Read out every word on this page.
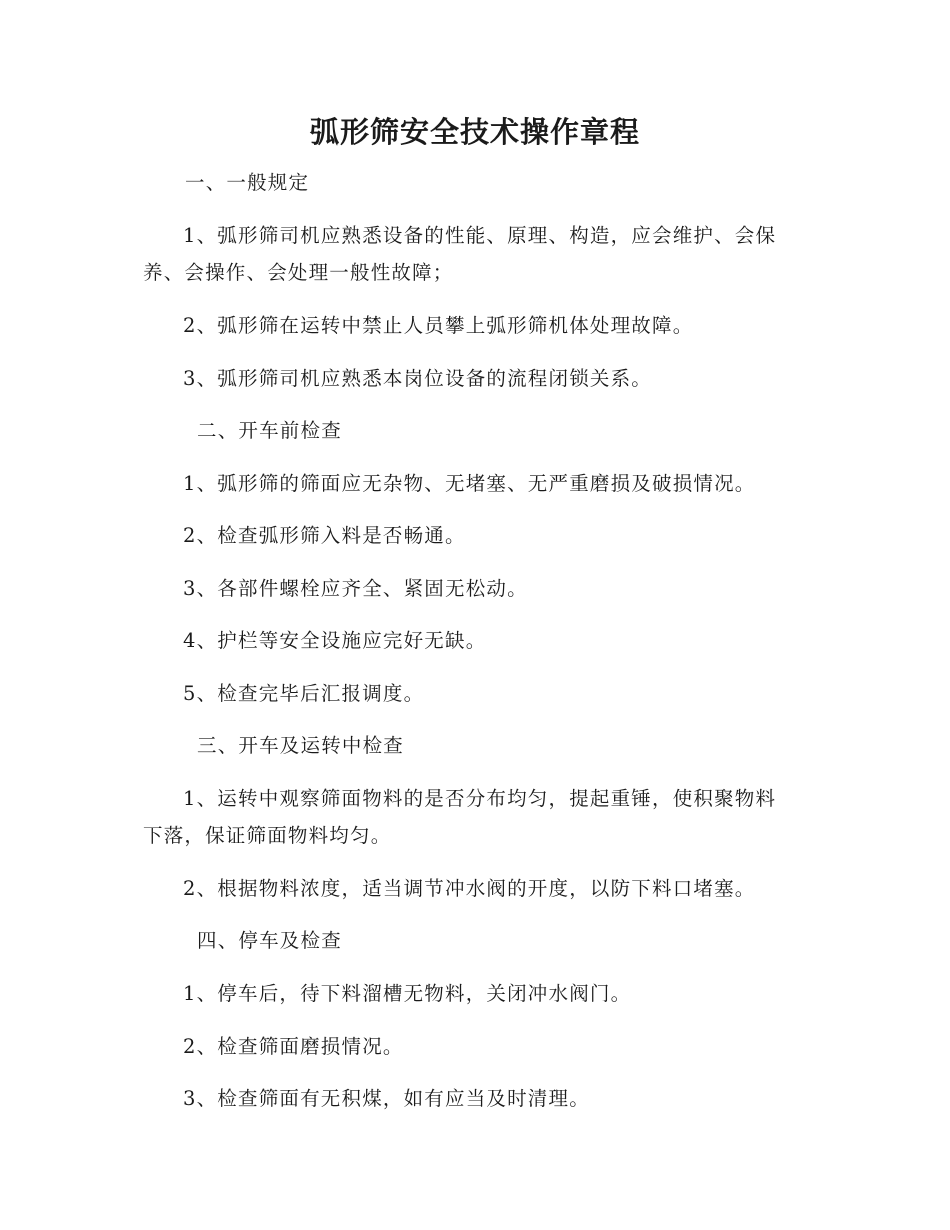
弧形筛安全技术操作章程
一、一般规定
1、弧形筛司机应熟悉设备的性能、原理、构造，应会维护、会保
养、会操作、会处理一般性故障；
2、弧形筛在运转中禁止人员攀上弧形筛机体处理故障。
3、弧形筛司机应熟悉本岗位设备的流程闭锁关系。
二、开车前检查
1、弧形筛的筛面应无杂物、无堵塞、无严重磨损及破损情况。
2、检查弧形筛入料是否畅通。
3、各部件螺栓应齐全、紧固无松动。
4、护栏等安全设施应完好无缺。
5、检查完毕后汇报调度。
三、开车及运转中检查
1、运转中观察筛面物料的是否分布均匀，提起重锤，使积聚物料
下落，保证筛面物料均匀。
2、根据物料浓度，适当调节冲水阀的开度，以防下料口堵塞。
四、停车及检查
1、停车后，待下料溜槽无物料，关闭冲水阀门。
2、检查筛面磨损情况。
3、检查筛面有无积煤，如有应当及时清理。
